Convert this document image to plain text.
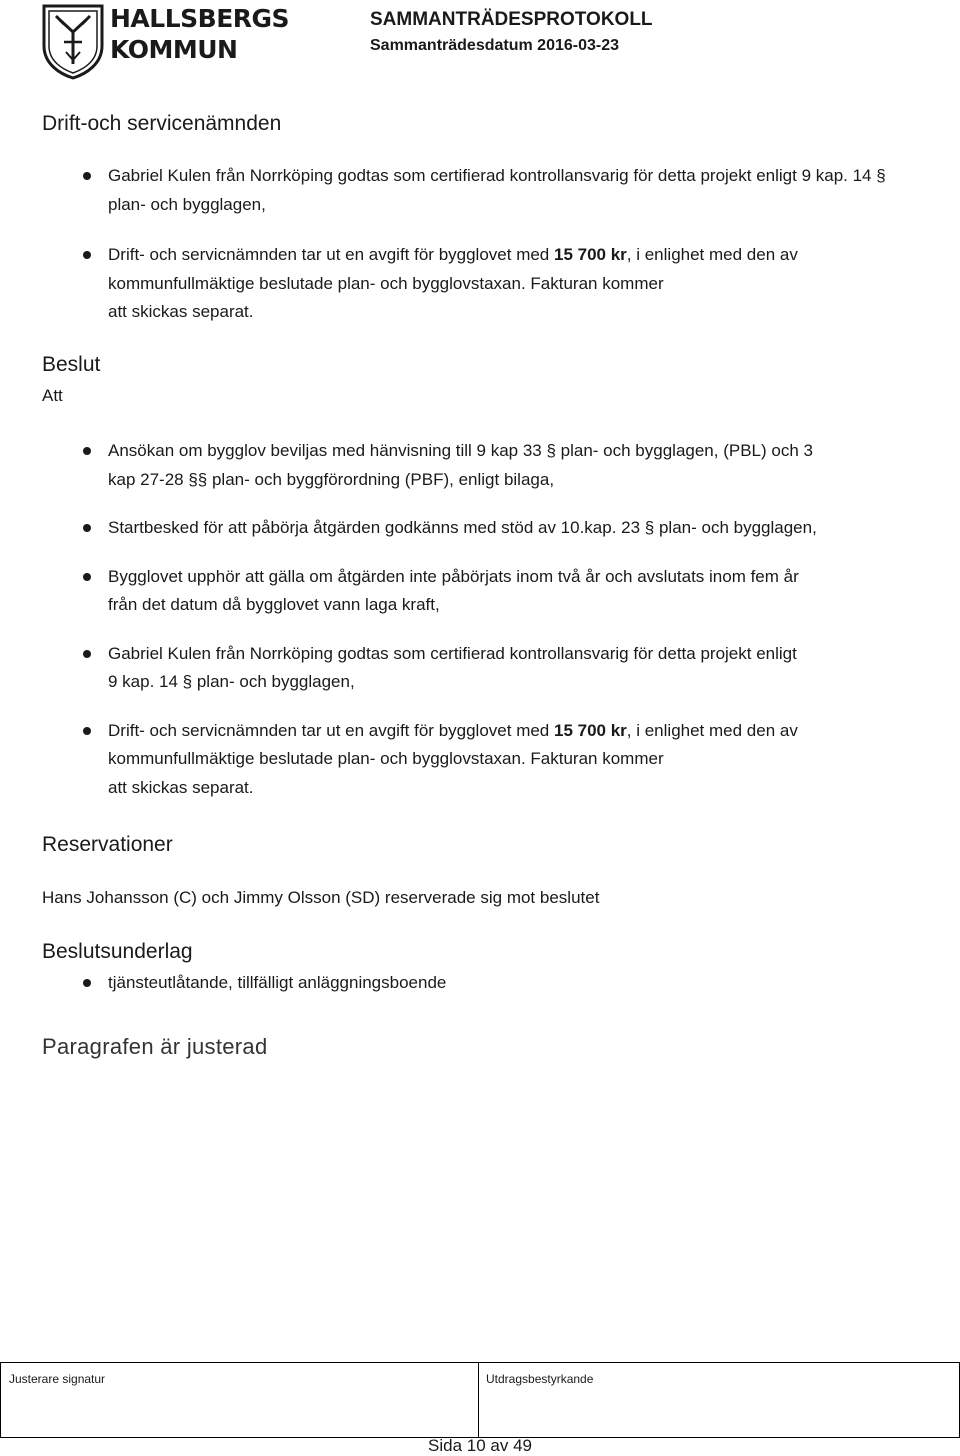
HALLSBERGS
KOMMUN
SAMMANTRÄDESPROTOKOLL
Sammanträdesdatum 2016-03-23
Drift-och servicenämnden
Gabriel Kulen från Norrköping godtas som certifierad kontrollansvarig för detta projekt enligt 9 kap. 14 § plan- och bygglagen,
Drift- och servicnämnden tar ut en avgift för bygglovet med 15 700 kr, i enlighet med den av kommunfullmäktige beslutade plan- och bygglovstaxan. Fakturan kommer
att skickas separat.
Beslut
Att
Ansökan om bygglov beviljas med hänvisning till 9 kap 33 § plan- och bygglagen, (PBL) och 3
kap 27-28 §§ plan- och byggförordning (PBF), enligt bilaga,
Startbesked för att påbörja åtgärden godkänns med stöd av 10.kap. 23 § plan- och bygglagen,
Bygglovet upphör att gälla om åtgärden inte påbörjats inom två år och avslutats inom fem år
från det datum då bygglovet vann laga kraft,
Gabriel Kulen från Norrköping godtas som certifierad kontrollansvarig för detta projekt enligt
9 kap. 14 § plan- och bygglagen,
Drift- och servicnämnden tar ut en avgift för bygglovet med 15 700 kr, i enlighet med den av
kommunfullmäktige beslutade plan- och bygglovstaxan. Fakturan kommer
att skickas separat.
Reservationer
Hans Johansson (C) och Jimmy Olsson (SD) reserverade sig mot beslutet
Beslutsunderlag
tjänsteutlåtande, tillfälligt anläggningsboende
Paragrafen är justerad
Justerare signatur	Utdragsbestyrkande
Sida 10 av 49
